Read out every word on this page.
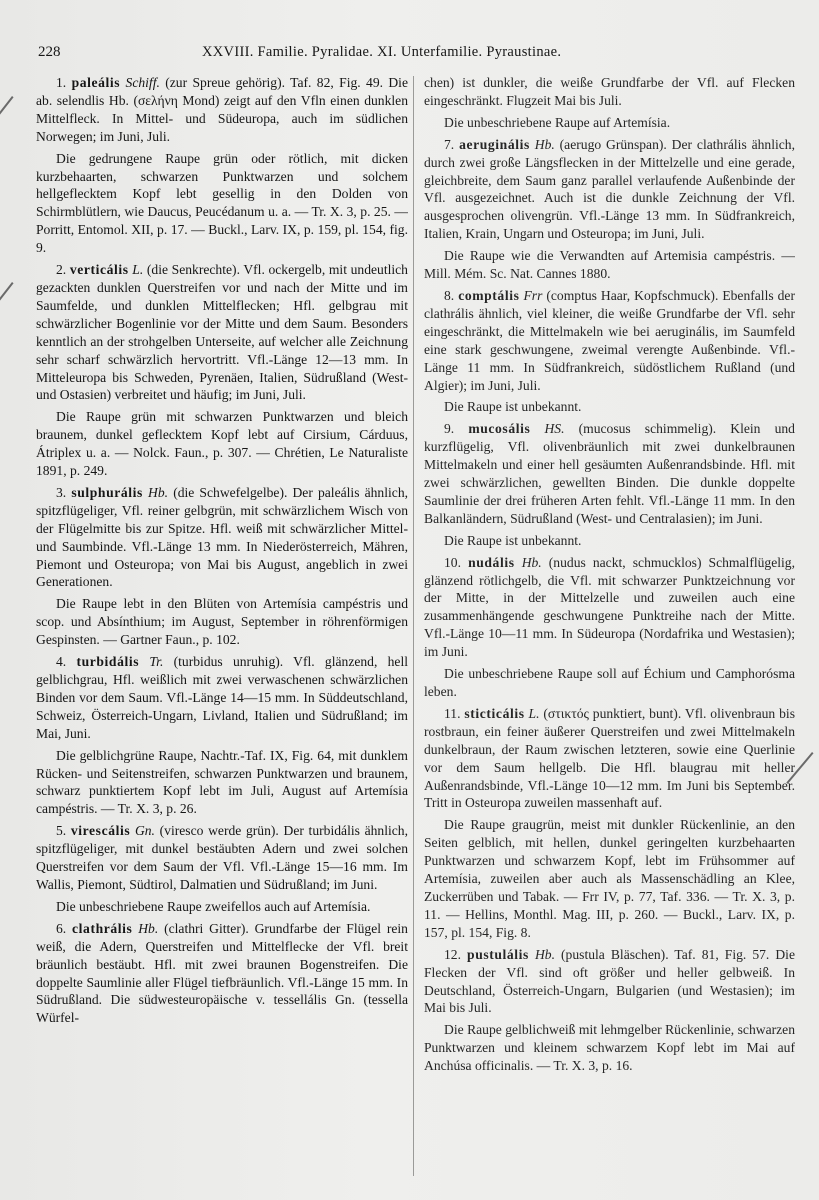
228	XXVIII. Familie. Pyralidae. XI. Unterfamilie. Pyraustinae.

1. paleális Schiff. (zur Spreue gehörig). Taf. 82, Fig. 49. Die ab. selendlis Hb. (σελήνη Mond) zeigt auf den Vfln einen dunklen Mittelfleck. In Mittel- und Südeuropa, auch im südlichen Norwegen; im Juni, Juli.

Die gedrungene Raupe grün oder rötlich, mit dicken kurzbehaarten, schwarzen Punktwarzen und solchem hellgeflecktem Kopf lebt gesellig in den Dolden von Schirmblütlern, wie Daucus, Peucédanum u. a. — Tr. X. 3, p. 25. — Porritt, Entomol. XII, p. 17. — Buckl., Larv. IX, p. 159, pl. 154, fig. 9.

2. verticális L. (die Senkrechte). Vfl. ockergelb, mit undeutlich gezackten dunklen Querstreifen vor und nach der Mitte und im Saumfelde, und dunklen Mittelflecken; Hfl. gelbgrau mit schwärzlicher Bogenlinie vor der Mitte und dem Saum. Besonders kenntlich an der strohgelben Unterseite, auf welcher alle Zeichnung sehr scharf schwärzlich hervortritt. Vfl.-Länge 12—13 mm. In Mitteleuropa bis Schweden, Pyrenäen, Italien, Südrußland (West- und Ostasien) verbreitet und häufig; im Juni, Juli.

Die Raupe grün mit schwarzen Punktwarzen und bleich braunem, dunkel geflecktem Kopf lebt auf Cirsium, Cárduus, Átriplex u. a. — Nolck. Faun., p. 307. — Chrétien, Le Naturaliste 1891, p. 249.

3. sulphurális Hb. (die Schwefelgelbe). Der paleális ähnlich, spitzflügeliger, Vfl. reiner gelbgrün, mit schwärzlichem Wisch von der Flügelmitte bis zur Spitze. Hfl. weiß mit schwärzlicher Mittel- und Saumbinde. Vfl.-Länge 13 mm. In Niederösterreich, Mähren, Piemont und Osteuropa; von Mai bis August, angeblich in zwei Generationen.

Die Raupe lebt in den Blüten von Artemísia campéstris und scop. und Absínthium; im August, September in röhrenförmigen Gespinsten. — Gartner Faun., p. 102.

4. turbidális Tr. (turbidus unruhig). Vfl. glänzend, hell gelblichgrau, Hfl. weißlich mit zwei verwaschenen schwärzlichen Binden vor dem Saum. Vfl.-Länge 14—15 mm. In Süddeutschland, Schweiz, Österreich-Ungarn, Livland, Italien und Südrußland; im Mai, Juni.

Die gelblichgrüne Raupe, Nachtr.-Taf. IX, Fig. 64, mit dunklem Rücken- und Seitenstreifen, schwarzen Punktwarzen und braunem, schwarz punktiertem Kopf lebt im Juli, August auf Artemísia campéstris. — Tr. X. 3, p. 26.

5. virescális Gn. (viresco werde grün). Der turbidális ähnlich, spitzflügeliger, mit dunkel bestäubten Adern und zwei solchen Querstreifen vor dem Saum der Vfl. Vfl.-Länge 15—16 mm. Im Wallis, Piemont, Südtirol, Dalmatien und Südrußland; im Juni.

Die unbeschriebene Raupe zweifellos auch auf Artemísia.

6. clathrális Hb. (clathri Gitter). Grundfarbe der Flügel rein weiß, die Adern, Querstreifen und Mittelflecke der Vfl. breit bräunlich bestäubt. Hfl. mit zwei braunen Bogenstreifen. Die doppelte Saumlinie aller Flügel tiefbräunlich. Vfl.-Länge 15 mm. In Südrußland. Die südwesteuropäische v. tessellális Gn. (tessella Würfel-

chen) ist dunkler, die weiße Grundfarbe der Vfl. auf Flecken eingeschränkt. Flugzeit Mai bis Juli.

Die unbeschriebene Raupe auf Artemísia.

7. aeruginális Hb. (aerugo Grünspan). Der clathrális ähnlich, durch zwei große Längsflecken in der Mittelzelle und eine gerade, gleichbreite, dem Saum ganz parallel verlaufende Außenbinde der Vfl. ausgezeichnet. Auch ist die dunkle Zeichnung der Vfl. ausgesprochen olivengrün. Vfl.-Länge 13 mm. In Südfrankreich, Italien, Krain, Ungarn und Osteuropa; im Juni, Juli.

Die Raupe wie die Verwandten auf Artemisia campéstris. — Mill. Mém. Sc. Nat. Cannes 1880.

8. comptális Frr (comptus Haar, Kopfschmuck). Ebenfalls der clathrális ähnlich, viel kleiner, die weiße Grundfarbe der Vfl. sehr eingeschränkt, die Mittelmakeln wie bei aeruginális, im Saumfeld eine stark geschwungene, zweimal verengte Außenbinde. Vfl.-Länge 11 mm. In Südfrankreich, südöstlichem Rußland (und Algier); im Juni, Juli.

Die Raupe ist unbekannt.

9. mucosális HS. (mucosus schimmelig). Klein und kurzflügelig, Vfl. olivenbräunlich mit zwei dunkelbraunen Mittelmakeln und einer hell gesäumten Außenrandsbinde. Hfl. mit zwei schwärzlichen, gewellten Binden. Die dunkle doppelte Saumlinie der drei früheren Arten fehlt. Vfl.-Länge 11 mm. In den Balkanländern, Südrußland (West- und Centralasien); im Juni.

Die Raupe ist unbekannt.

10. nudális Hb. (nudus nackt, schmucklos) Schmalflügelig, glänzend rötlichgelb, die Vfl. mit schwarzer Punktzeichnung vor der Mitte, in der Mittelzelle und zuweilen auch eine zusammenhängende geschwungene Punktreihe nach der Mitte. Vfl.-Länge 10—11 mm. In Südeuropa (Nordafrika und Westasien); im Juni.

Die unbeschriebene Raupe soll auf Échium und Camphorósma leben.

11. sticticális L. (στικτός punktiert, bunt). Vfl. olivenbraun bis rostbraun, ein feiner äußerer Querstreifen und zwei Mittelmakeln dunkelbraun, der Raum zwischen letzteren, sowie eine Querlinie vor dem Saum hellgelb. Die Hfl. blaugrau mit heller Außenrandsbinde, Vfl.-Länge 10—12 mm. Im Juni bis September. Tritt in Osteuropa zuweilen massenhaft auf.

Die Raupe graugrün, meist mit dunkler Rückenlinie, an den Seiten gelblich, mit hellen, dunkel geringelten kurzbehaarten Punktwarzen und schwarzem Kopf, lebt im Frühsommer auf Artemísia, zuweilen aber auch als Massenschädling an Klee, Zuckerrüben und Tabak. — Frr IV, p. 77, Taf. 336. — Tr. X. 3, p. 11. — Hellins, Monthl. Mag. III, p. 260. — Buckl., Larv. IX, p. 157, pl. 154, Fig. 8.

12. pustulális Hb. (pustula Bläschen). Taf. 81, Fig. 57. Die Flecken der Vfl. sind oft größer und heller gelbweiß. In Deutschland, Österreich-Ungarn, Bulgarien (und Westasien); im Mai bis Juli.

Die Raupe gelblichweiß mit lehmgelber Rückenlinie, schwarzen Punktwarzen und kleinem schwarzem Kopf lebt im Mai auf Anchúsa officinalis. — Tr. X. 3, p. 16.
